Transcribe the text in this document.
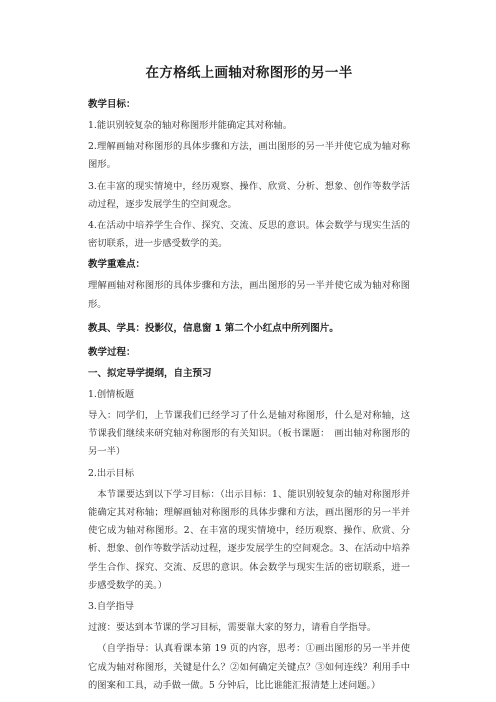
在方格纸上画轴对称图形的另一半
教学目标：

1.能识别较复杂的轴对称图形并能确定其对称轴。

2.理解画轴对称图形的具体步骤和方法，画出图形的另一半并使它成为轴对称图形。

3.在丰富的现实情境中，经历观察、操作、欣赏、分析、想象、创作等数学活动过程，逐步发展学生的空间观念。

4.在活动中培养学生合作、探究、交流、反思的意识。体会数学与现实生活的密切联系，进一步感受数学的美。

教学重难点：

理解画轴对称图形的具体步骤和方法，画出图形的另一半并使它成为轴对称图形。

教具、学具：投影仪，信息窗 1 第二个小红点中所列图片。
教学过程：
一、拟定导学提纲，自主预习

1.创情板题

导入：同学们，上节课我们已经学习了什么是轴对称图形，什么是对称轴，这节课我们继续来研究轴对称图形的有关知识。（板书课题：　画出轴对称图形的另一半）

2.出示目标

本节课要达到以下学习目标：（出示目标：1、能识别较复杂的轴对称图形并能确定其对称轴；理解画轴对称图形的具体步骤和方法，画出图形的另一半并使它成为轴对称图形。2、在丰富的现实情境中，经历观察、操作、欣赏、分析、想象、创作等数学活动过程，逐步发展学生的空间观念。3、在活动中培养学生合作、探究、交流、反思的意识。体会数学与现实生活的密切联系，进一步感受数学的美。）

3.自学指导

过渡：要达到本节课的学习目标，需要靠大家的努力，请看自学指导。

（自学指导：认真看课本第 19 页的内容，思考：①画出图形的另一半并使它成为轴对称图形，关键是什么？②如何确定关键点？③如何连线？利用手中的图案和工具，动手做一做。5 分钟后，比比谁能汇报清楚上述问题。）
